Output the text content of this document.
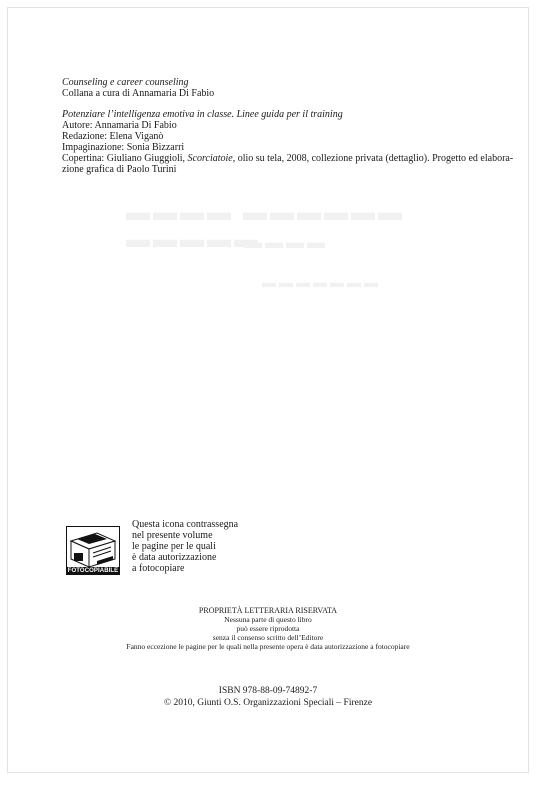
▬▬▬▬ ▬▬▬▬▬▬ ▬▬▬▬▬
▬▬▬▬
▬▬▬▬▬▬▬
Counseling e career counseling
Collana a cura di Annamaria Di Fabio
Potenziare l’intelligenza emotiva in classe. Linee guida per il training
Autore: Annamaria Di Fabio
Redazione: Elena Viganò
Impaginazione: Sonia Bizzarri
Copertina: Giuliano Giuggioli, Scorciatoie, olio su tela, 2008, collezione privata (dettaglio). Progetto ed elabora-
zione grafica di Paolo Turini
FOTOCOPIABILE
Questa icona contrassegna
nel presente volume
le pagine per le quali
è data autorizzazione
a fotocopiare
PROPRIETÀ LETTERARIA RISERVATA
Nessuna parte di questo libro
può essere riprodotta
senza il consenso scritto dell’Editore
Fanno eccezione le pagine per le quali nella presente opera è data autorizzazione a fotocopiare
ISBN 978-88-09-74892-7
© 2010, Giunti O.S. Organizzazioni Speciali – Firenze
